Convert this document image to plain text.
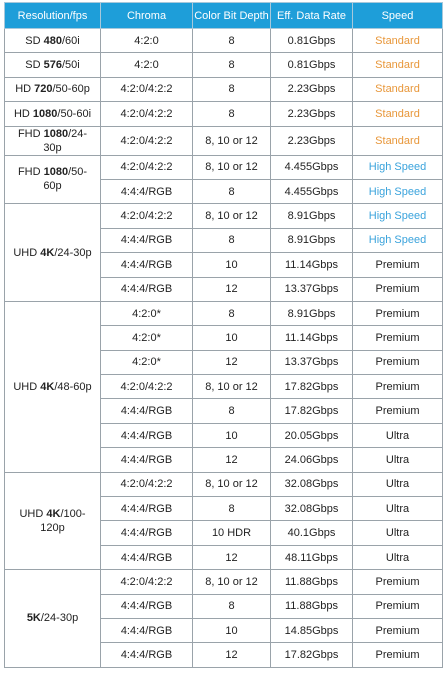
Resolution/fps	Chroma	Color Bit Depth	Eff. Data Rate	Speed
SD 480/60i	4:2:0	8	0.81Gbps	Standard
SD 576/50i	4:2:0	8	0.81Gbps	Standard
HD 720/50-60p	4:2:0/4:2:2	8	2.23Gbps	Standard
HD 1080/50-60i	4:2:0/4:2:2	8	2.23Gbps	Standard
FHD 1080/24-30p	4:2:0/4:2:2	8, 10 or 12	2.23Gbps	Standard
FHD 1080/50-60p	4:2:0/4:2:2	8, 10 or 12	4.455Gbps	High Speed
	4:4:4/RGB	8	4.455Gbps	High Speed
UHD 4K/24-30p	4:2:0/4:2:2	8, 10 or 12	8.91Gbps	High Speed
	4:4:4/RGB	8	8.91Gbps	High Speed
	4:4:4/RGB	10	11.14Gbps	Premium
	4:4:4/RGB	12	13.37Gbps	Premium
UHD 4K/48-60p	4:2:0*	8	8.91Gbps	Premium
	4:2:0*	10	11.14Gbps	Premium
	4:2:0*	12	13.37Gbps	Premium
	4:2:0/4:2:2	8, 10 or 12	17.82Gbps	Premium
	4:4:4/RGB	8	17.82Gbps	Premium
	4:4:4/RGB	10	20.05Gbps	Ultra
	4:4:4/RGB	12	24.06Gbps	Ultra
UHD 4K/100-120p	4:2:0/4:2:2	8, 10 or 12	32.08Gbps	Ultra
	4:4:4/RGB	8	32.08Gbps	Ultra
	4:4:4/RGB	10 HDR	40.1Gbps	Ultra
	4:4:4/RGB	12	48.11Gbps	Ultra
5K/24-30p	4:2:0/4:2:2	8, 10 or 12	11.88Gbps	Premium
	4:4:4/RGB	8	11.88Gbps	Premium
	4:4:4/RGB	10	14.85Gbps	Premium
	4:4:4/RGB	12	17.82Gbps	Premium
